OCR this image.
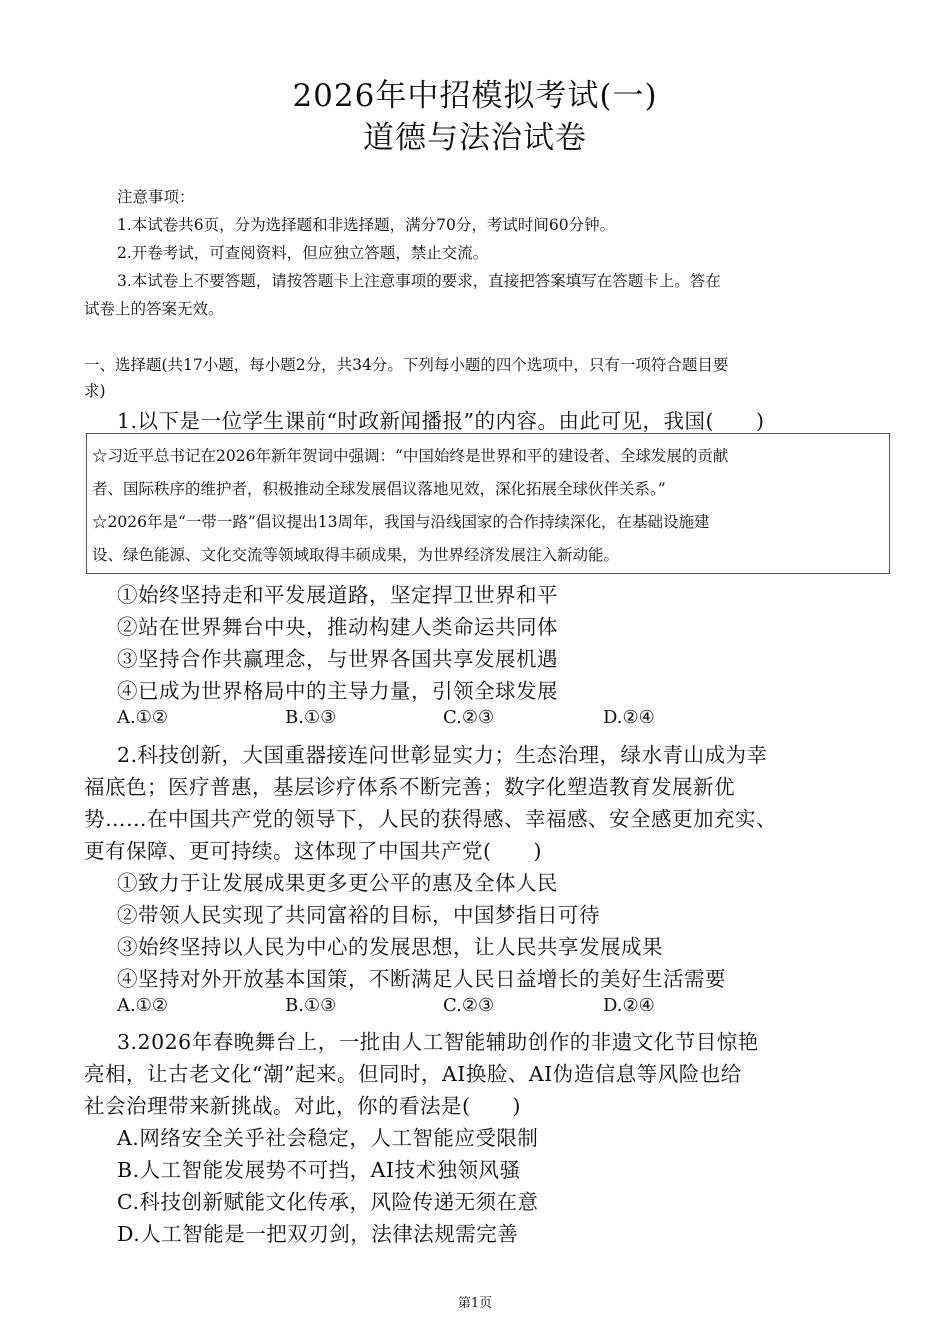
2026年中招模拟考试(一)
道德与法治试卷
注意事项：
1.本试卷共6页，分为选择题和非选择题，满分70分，考试时间60分钟。
2.开卷考试，可查阅资料，但应独立答题，禁止交流。
3.本试卷上不要答题，请按答题卡上注意事项的要求，直接把答案填写在答题卡上。答在
试卷上的答案无效。
一、选择题(共17小题，每小题2分，共34分。下列每小题的四个选项中，只有一项符合题目要
求)
1.以下是一位学生课前“时政新闻播报”的内容。由此可见，我国(　　)
☆习近平总书记在2026年新年贺词中强调：“中国始终是世界和平的建设者、全球发展的贡献
者、国际秩序的维护者，积极推动全球发展倡议落地见效，深化拓展全球伙伴关系。”
☆2026年是“一带一路”倡议提出13周年，我国与沿线国家的合作持续深化，在基础设施建
设、绿色能源、文化交流等领域取得丰硕成果，为世界经济发展注入新动能。
①始终坚持走和平发展道路，坚定捍卫世界和平
②站在世界舞台中央，推动构建人类命运共同体
③坚持合作共赢理念，与世界各国共享发展机遇
④已成为世界格局中的主导力量，引领全球发展
A.①②	B.①③	C.②③	D.②④
2.科技创新，大国重器接连问世彰显实力；生态治理，绿水青山成为幸
福底色；医疗普惠，基层诊疗体系不断完善；数字化塑造教育发展新优
势……在中国共产党的领导下，人民的获得感、幸福感、安全感更加充实、
更有保障、更可持续。这体现了中国共产党(　　)
①致力于让发展成果更多更公平的惠及全体人民
②带领人民实现了共同富裕的目标，中国梦指日可待
③始终坚持以人民为中心的发展思想，让人民共享发展成果
④坚持对外开放基本国策，不断满足人民日益增长的美好生活需要
A.①②	B.①③	C.②③	D.②④
3.2026年春晚舞台上，一批由人工智能辅助创作的非遗文化节目惊艳
亮相，让古老文化“潮”起来。但同时，AI换脸、AI伪造信息等风险也给
社会治理带来新挑战。对此，你的看法是(　　)
A.网络安全关乎社会稳定，人工智能应受限制
B.人工智能发展势不可挡，AI技术独领风骚
C.科技创新赋能文化传承，风险传递无须在意
D.人工智能是一把双刃剑，法律法规需完善
第1页
